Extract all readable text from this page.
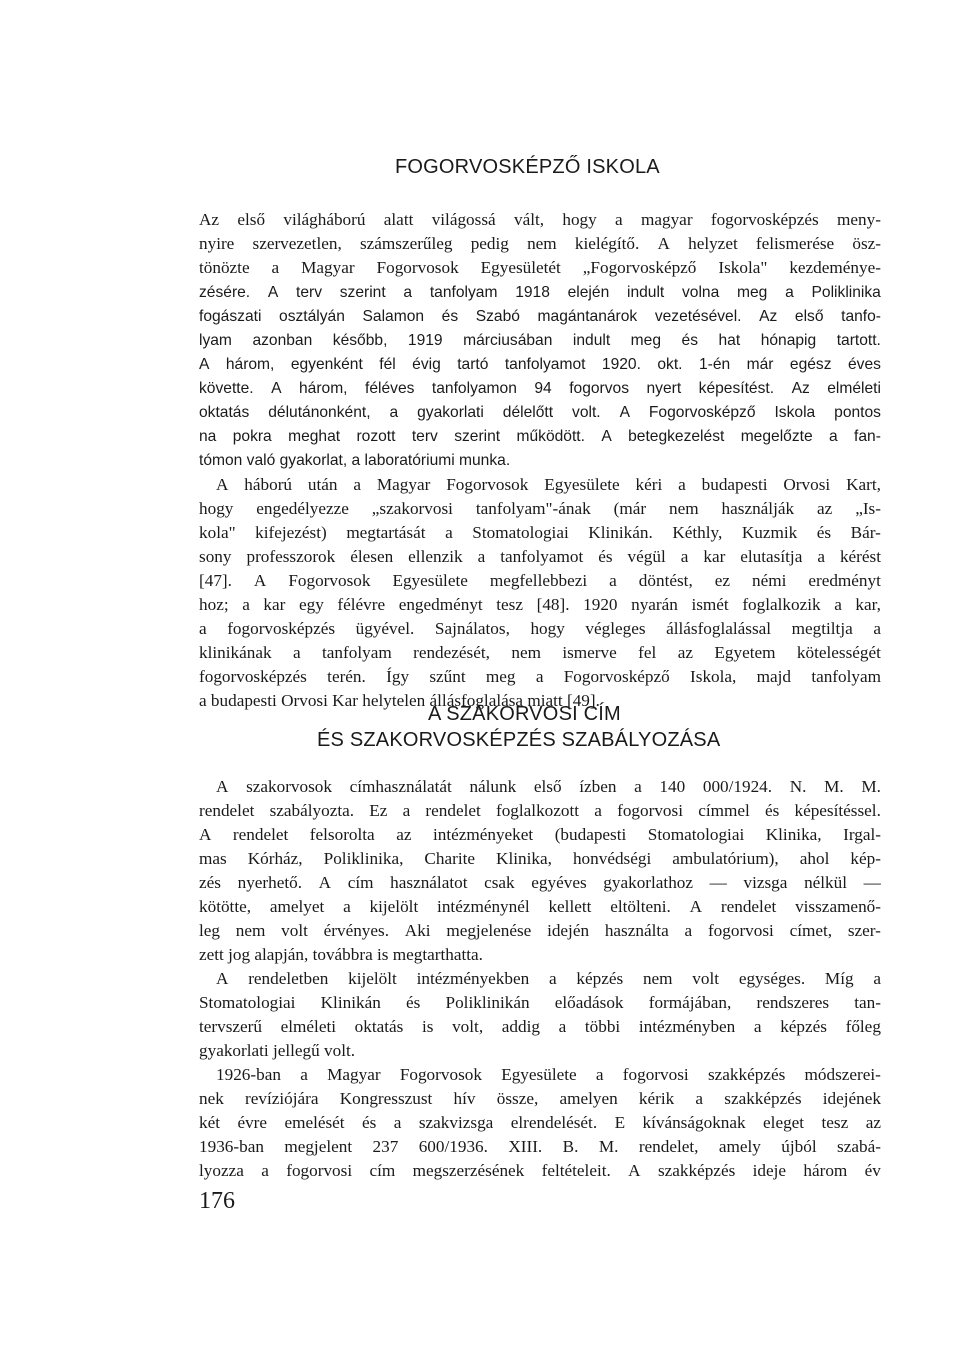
FOGORVOSKÉPZŐ ISKOLA
Az első világháború alatt világossá vált, hogy a magyar fogorvosképzés meny-
nyire szervezetlen, számszerűleg pedig nem kielégítő. A helyzet felismerése ösz-
tönözte a Magyar Fogorvosok Egyesületét „Fogorvosképző Iskola" kezdeménye-
zésére. A terv szerint a tanfolyam 1918 elején indult volna meg a Poliklinika
fogászati osztályán Salamon és Szabó magántanárok vezetésével. Az első tanfo-
lyam azonban később, 1919 márciusában indult meg és hat hónapig tartott.
A három, egyenként fél évig tartó tanfolyamot 1920. okt. 1-én már egész éves
követte. A három, féléves tanfolyamon 94 fogorvos nyert képesítést. Az elméleti
oktatás délutánonként, a gyakorlati délelőtt volt. A Fogorvosképző Iskola pontos
na pokra meghat rozott terv szerint működött. A betegkezelést megelőzte a fan-
tómon való gyakorlat, a laboratóriumi munka.
A háború után a Magyar Fogorvosok Egyesülete kéri a budapesti Orvosi Kart,
hogy engedélyezze „szakorvosi tanfolyam"-ának (már nem használják az „Is-
kola" kifejezést) megtartását a Stomatologiai Klinikán. Kéthly, Kuzmik és Bár-
sony professzorok élesen ellenzik a tanfolyamot és végül a kar elutasítja a kérést
[47]. A Fogorvosok Egyesülete megfellebbezi a döntést, ez némi eredményt
hoz; a kar egy félévre engedményt tesz [48]. 1920 nyarán ismét foglalkozik a kar,
a fogorvosképzés ügyével. Sajnálatos, hogy végleges állásfoglalással megtiltja a
klinikának a tanfolyam rendezését, nem ismerve fel az Egyetem kötelességét
fogorvosképzés terén. Így szűnt meg a Fogorvosképző Iskola, majd tanfolyam
a budapesti Orvosi Kar helytelen állásfoglalása miatt [49].
A SZAKORVOSI CÍM
ÉS SZAKORVOSKÉPZÉS SZABÁLYOZÁSA
A szakorvosok címhasználatát nálunk első ízben a 140 000/1924. N. M. M.
rendelet szabályozta. Ez a rendelet foglalkozott a fogorvosi címmel és képesítéssel.
A rendelet felsorolta az intézményeket (budapesti Stomatologiai Klinika, Irgal-
mas Kórház, Poliklinika, Charite Klinika, honvédségi ambulatórium), ahol kép-
zés nyerhető. A cím használatot csak egyéves gyakorlathoz — vizsga nélkül —
kötötte, amelyet a kijelölt intézménynél kellett eltölteni. A rendelet visszamenő-
leg nem volt érvényes. Aki megjelenése idején használta a fogorvosi címet, szer-
zett jog alapján, továbbra is megtarthatta.
A rendeletben kijelölt intézményekben a képzés nem volt egységes. Míg a
Stomatologiai Klinikán és Poliklinikán előadások formájában, rendszeres tan-
tervszerű elméleti oktatás is volt, addig a többi intézményben a képzés főleg
gyakorlati jellegű volt.
1926-ban a Magyar Fogorvosok Egyesülete a fogorvosi szakképzés módszerei-
nek revíziójára Kongresszust hív össze, amelyen kérik a szakképzés idejének
két évre emelését és a szakvizsga elrendelését. E kívánságoknak eleget tesz az
1936-ban megjelent 237 600/1936. XIII. B. M. rendelet, amely újból szabá-
lyozza a fogorvosi cím megszerzésének feltételeit. A szakképzés ideje három év
176
